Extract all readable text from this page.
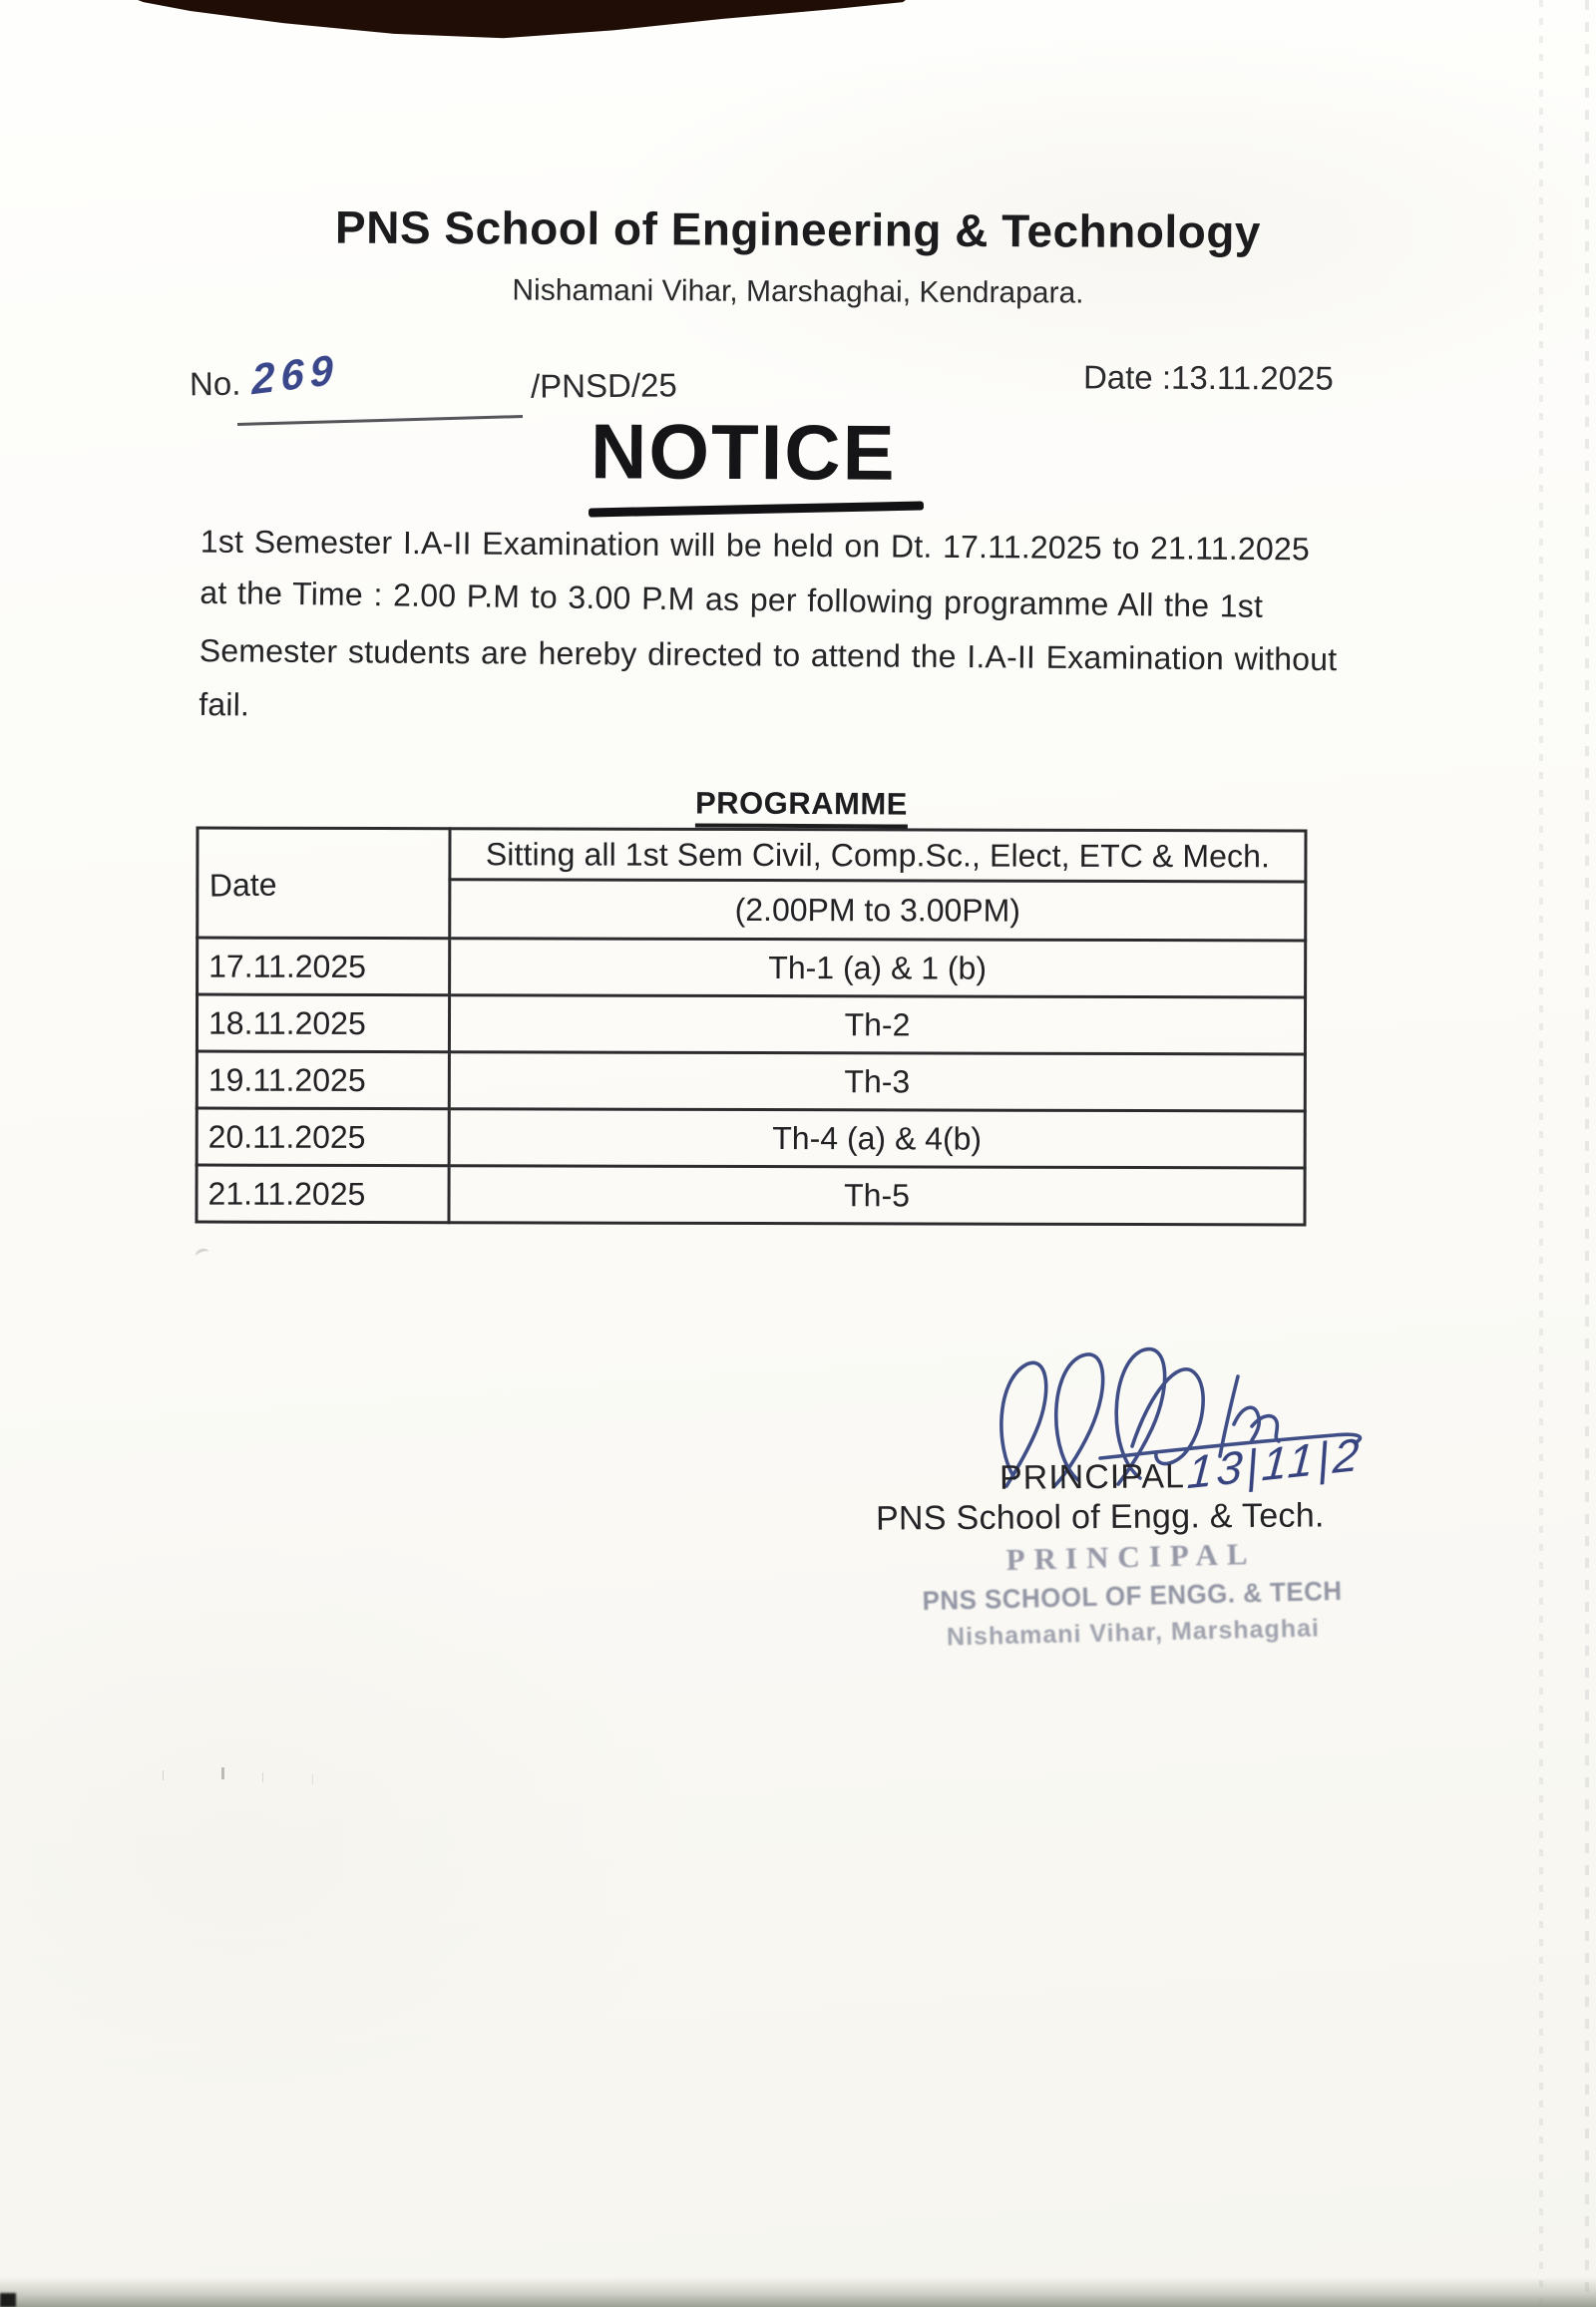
PNS School of Engineering & Technology
Nishamani Vihar, Marshaghai, Kendrapara.
No. 269	/PNSD/25	Date :13.11.2025
NOTICE
1st Semester I.A-II Examination will be held on Dt. 17.11.2025 to 21.11.2025
at the Time : 2.00 P.M to 3.00 P.M as per following programme All the 1st
Semester students are hereby directed to attend the I.A-II Examination without
fail.
PROGRAMME
Date	Sitting all 1st Sem Civil, Comp.Sc., Elect, ETC & Mech.
	(2.00PM to 3.00PM)
17.11.2025	Th-1 (a) & 1 (b)
18.11.2025	Th-2
19.11.2025	Th-3
20.11.2025	Th-4 (a) & 4(b)
21.11.2025	Th-5
PRINCIPAL 13|11|2
PNS School of Engg. & Tech.
PRINCIPAL
PNS SCHOOL OF ENGG. & TECH
Nishamani Vihar, Marshaghai
